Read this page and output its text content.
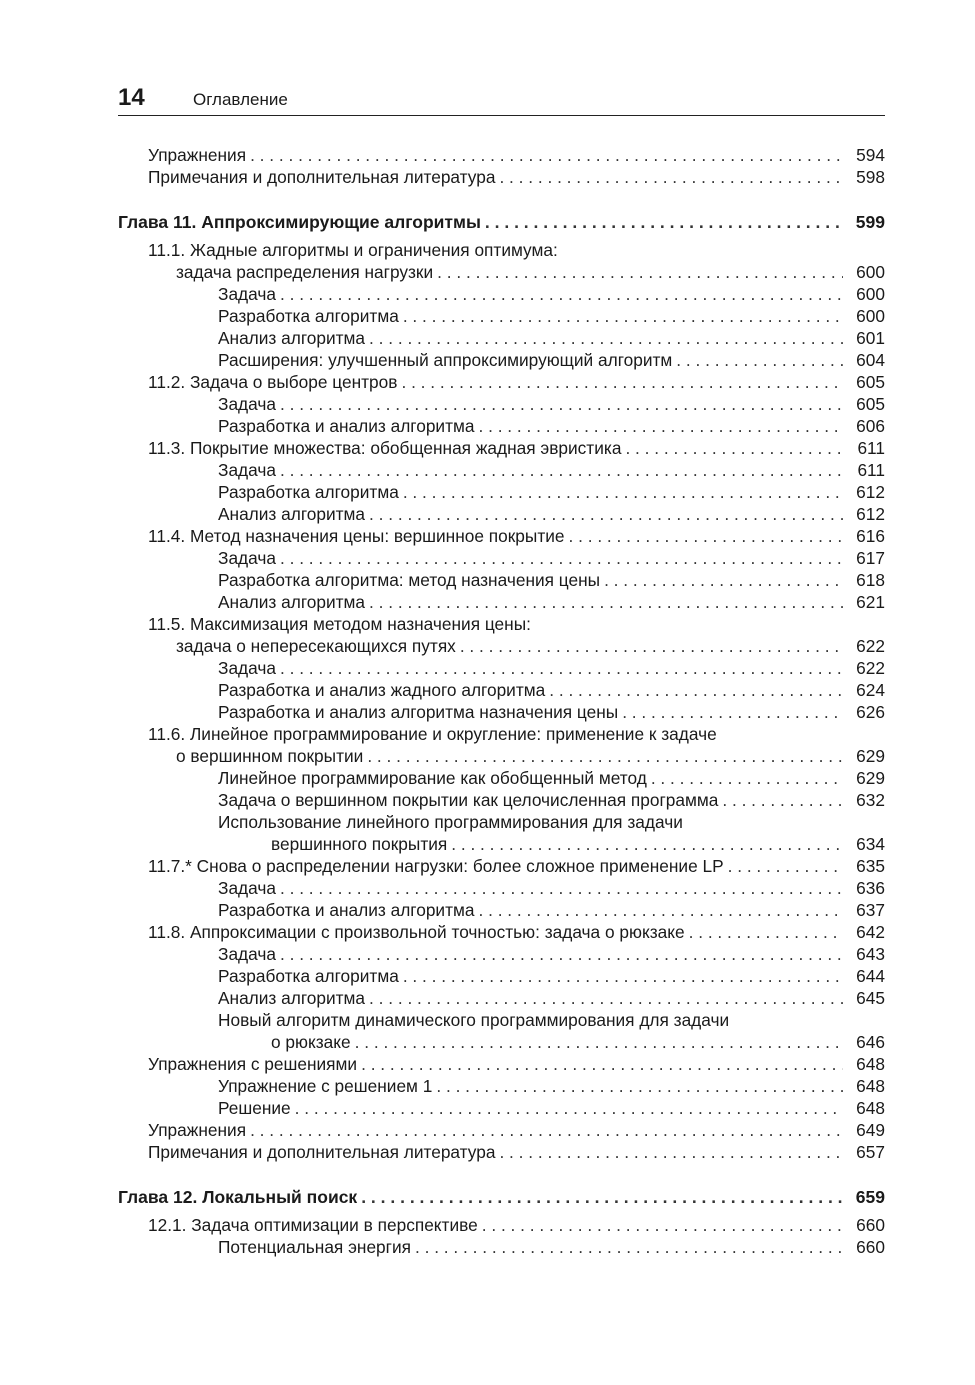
14	Оглавление
Упражнения . . .	594
Примечания и дополнительная литература . . .	598
Глава 11. Аппроксимирующие алгоритмы . . .	599
11.1. Жадные алгоритмы и ограничения оптимума:
задача распределения нагрузки . . .	600
Задача . . .	600
Разработка алгоритма . . .	600
Анализ алгоритма . . .	601
Расширения: улучшенный аппроксимирующий алгоритм . . .	604
11.2. Задача о выборе центров . . .	605
Задача . . .	605
Разработка и анализ алгоритма . . .	606
11.3. Покрытие множества: обобщенная жадная эвристика . . .	611
Задача . . .	611
Разработка алгоритма . . .	612
Анализ алгоритма . . .	612
11.4. Метод назначения цены: вершинное покрытие . . .	616
Задача . . .	617
Разработка алгоритма: метод назначения цены . . .	618
Анализ алгоритма . . .	621
11.5. Максимизация методом назначения цены:
задача о непересекающихся путях . . .	622
Задача . . .	622
Разработка и анализ жадного алгоритма . . .	624
Разработка и анализ алгоритма назначения цены . . .	626
11.6. Линейное программирование и округление: применение к задаче
о вершинном покрытии . . .	629
Линейное программирование как обобщенный метод . . .	629
Задача о вершинном покрытии как целочисленная программа . . .	632
Использование линейного программирования для задачи
вершинного покрытия . . .	634
11.7.* Снова о распределении нагрузки: более сложное применение LP . . .	635
Задача . . .	636
Разработка и анализ алгоритма . . .	637
11.8. Аппроксимации с произвольной точностью: задача о рюкзаке . . .	642
Задача . . .	643
Разработка алгоритма . . .	644
Анализ алгоритма . . .	645
Новый алгоритм динамического программирования для задачи
о рюкзаке . . .	646
Упражнения с решениями . . .	648
Упражнение с решением 1 . . .	648
Решение . . .	648
Упражнения . . .	649
Примечания и дополнительная литература . . .	657
Глава 12. Локальный поиск . . .	659
12.1. Задача оптимизации в перспективе . . .	660
Потенциальная энергия . . .	660
